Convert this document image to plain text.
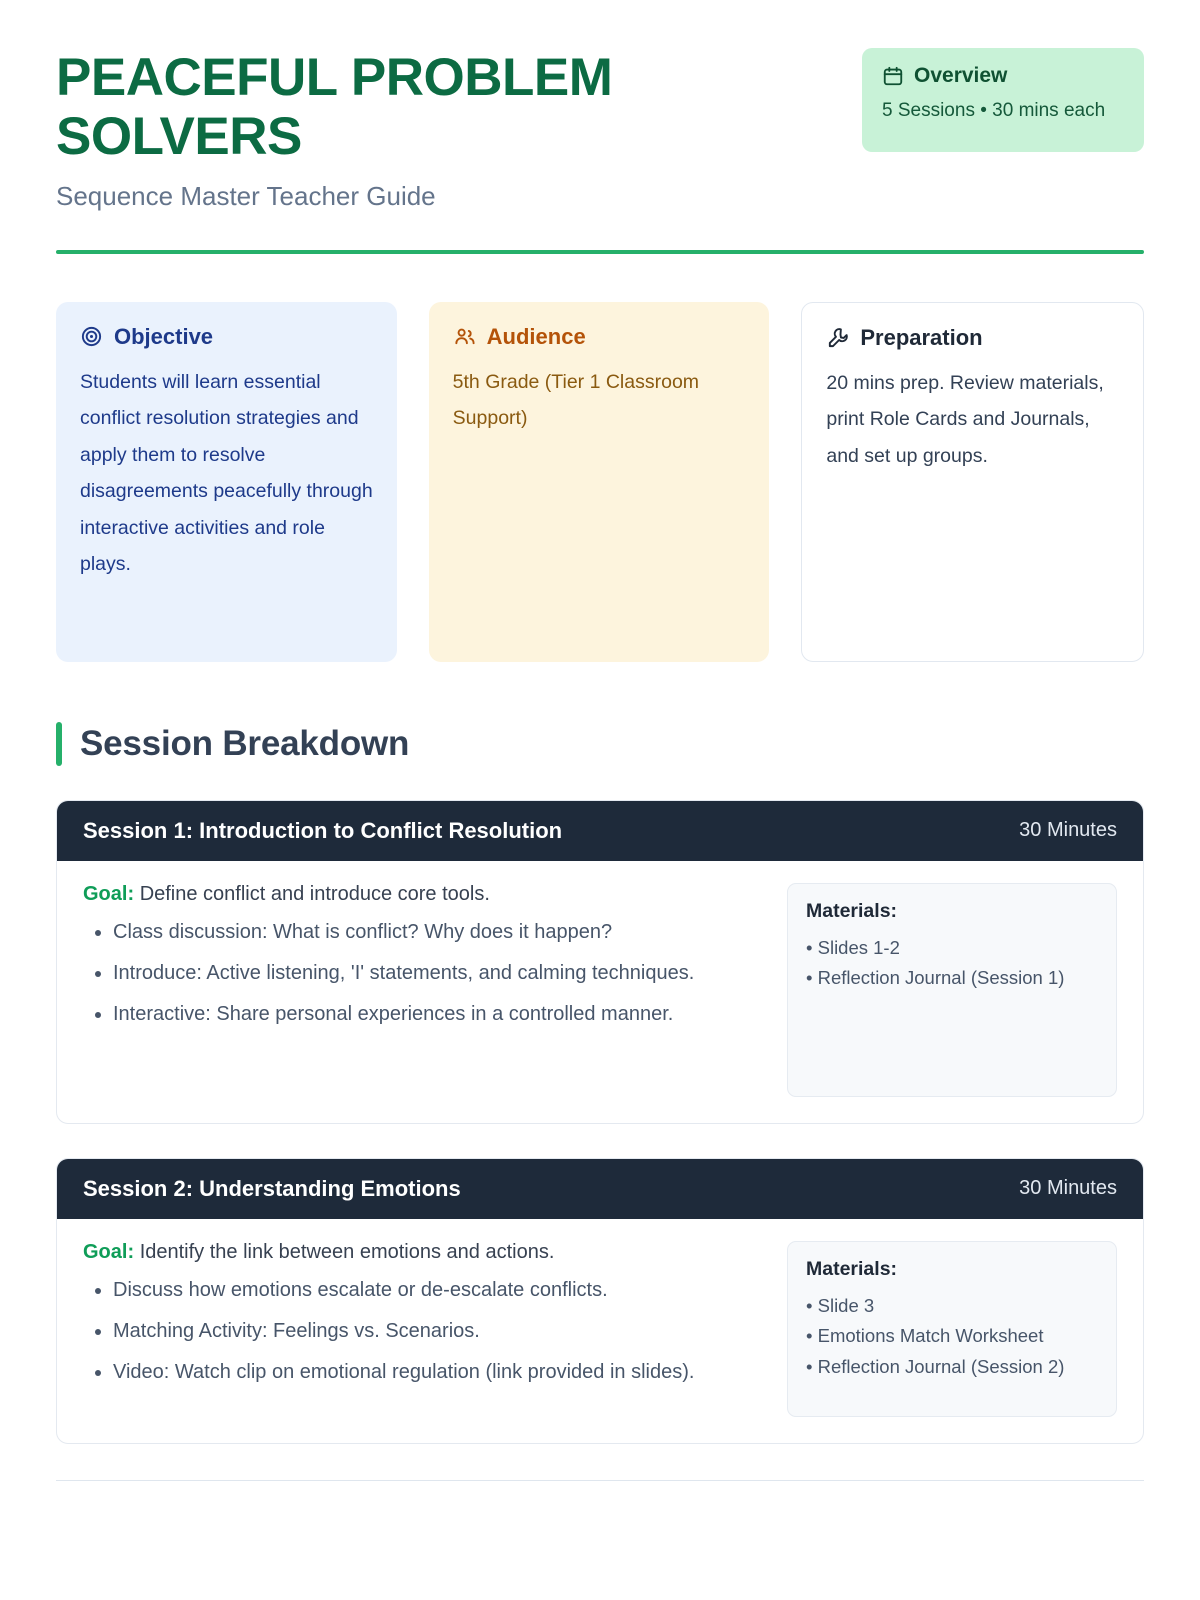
PEACEFUL PROBLEM SOLVERS
Sequence Master Teacher Guide
Overview
5 Sessions • 30 mins each
Objective
Students will learn essential conflict resolution strategies and apply them to resolve disagreements peacefully through interactive activities and role plays.
Audience
5th Grade (Tier 1 Classroom Support)
Preparation
20 mins prep. Review materials, print Role Cards and Journals, and set up groups.
Session Breakdown
Session 1: Introduction to Conflict Resolution	30 Minutes
Goal: Define conflict and introduce core tools.
• Class discussion: What is conflict? Why does it happen?
• Introduce: Active listening, 'I' statements, and calming techniques.
• Interactive: Share personal experiences in a controlled manner.
Materials:
• Slides 1-2
• Reflection Journal (Session 1)
Session 2: Understanding Emotions	30 Minutes
Goal: Identify the link between emotions and actions.
• Discuss how emotions escalate or de-escalate conflicts.
• Matching Activity: Feelings vs. Scenarios.
• Video: Watch clip on emotional regulation (link provided in slides).
Materials:
• Slide 3
• Emotions Match Worksheet
• Reflection Journal (Session 2)
